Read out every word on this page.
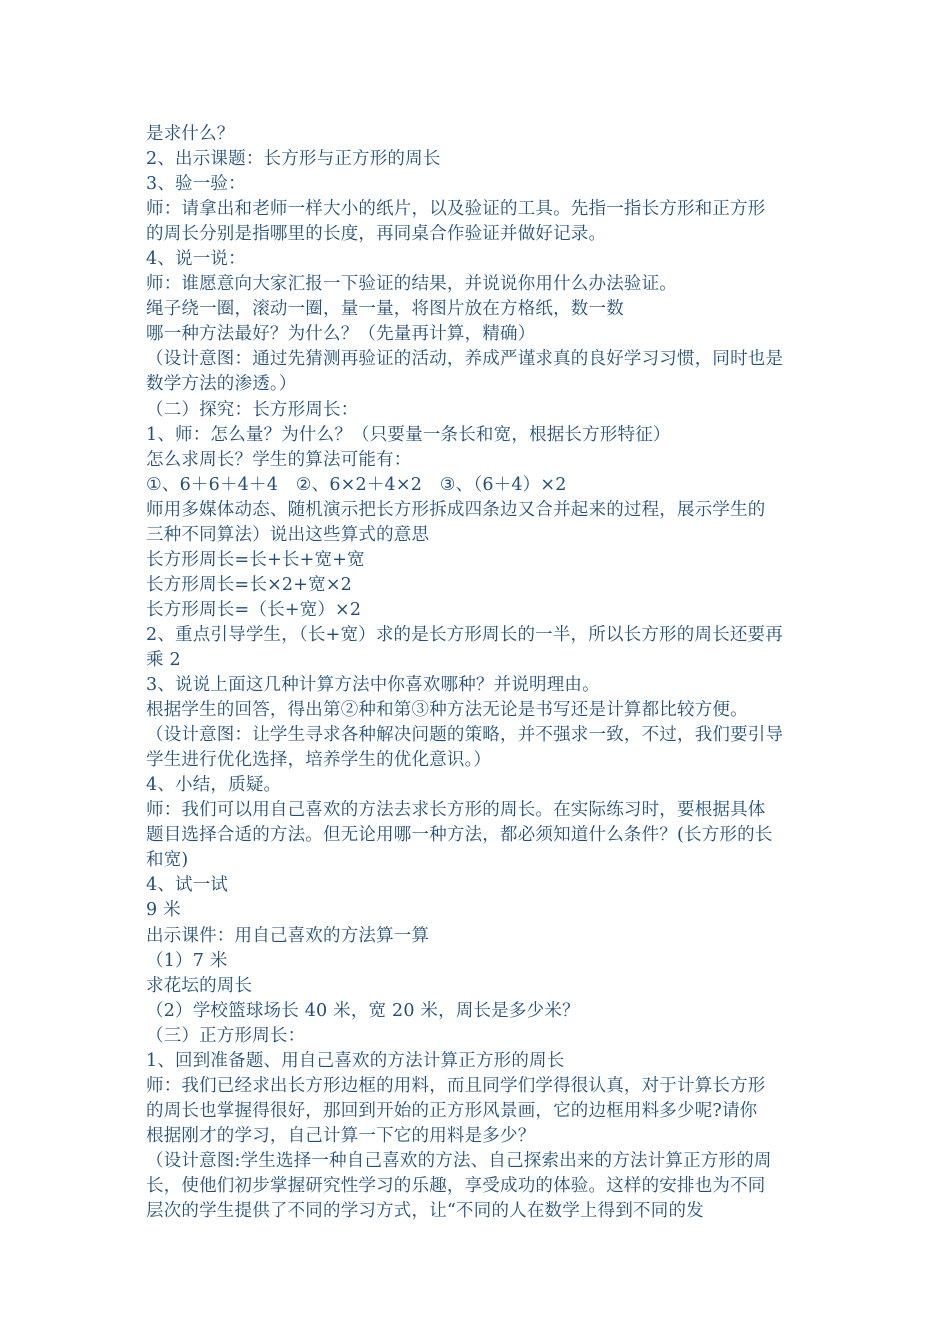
是求什么？
2、出示课题：长方形与正方形的周长
3、验一验：
师：请拿出和老师一样大小的纸片，以及验证的工具。先指一指长方形和正方形
的周长分别是指哪里的长度，再同桌合作验证并做好记录。
4、说一说：
师：谁愿意向大家汇报一下验证的结果，并说说你用什么办法验证。
绳子绕一圈，滚动一圈，量一量，将图片放在方格纸，数一数
哪一种方法最好？为什么？（先量再计算，精确）
（设计意图：通过先猜测再验证的活动，养成严谨求真的良好学习习惯，同时也是
数学方法的渗透。）
（二）探究：长方形周长：
1、师：怎么量？为什么？（只要量一条长和宽，根据长方形特征）
怎么求周长？学生的算法可能有：
①、6＋6＋4＋4　②、6×2＋4×2　③、（6＋4）×2
师用多媒体动态、随机演示把长方形拆成四条边又合并起来的过程，展示学生的
三种不同算法）说出这些算式的意思
长方形周长=长+长+宽+宽
长方形周长=长×2+宽×2
长方形周长=（长+宽）×2
2、重点引导学生，（长+宽）求的是长方形周长的一半，所以长方形的周长还要再
乘 2
3、说说上面这几种计算方法中你喜欢哪种？并说明理由。
根据学生的回答，得出第②种和第③种方法无论是书写还是计算都比较方便。
（设计意图：让学生寻求各种解决问题的策略，并不强求一致，不过，我们要引导
学生进行优化选择，培养学生的优化意识。）
4、小结，质疑。
师：我们可以用自己喜欢的方法去求长方形的周长。在实际练习时，要根据具体
题目选择合适的方法。但无论用哪一种方法，都必须知道什么条件？(长方形的长
和宽)
4、试一试
9 米
出示课件：用自己喜欢的方法算一算
（1）7 米
求花坛的周长
（2）学校篮球场长 40 米，宽 20 米，周长是多少米？
（三）正方形周长：
1、回到准备题、用自己喜欢的方法计算正方形的周长
师：我们已经求出长方形边框的用料，而且同学们学得很认真，对于计算长方形
的周长也掌握得很好，那回到开始的正方形风景画，它的边框用料多少呢?请你
根据刚才的学习，自己计算一下它的用料是多少？
（设计意图:学生选择一种自己喜欢的方法、自己探索出来的方法计算正方形的周
长，使他们初步掌握研究性学习的乐趣，享受成功的体验。这样的安排也为不同
层次的学生提供了不同的学习方式，让“不同的人在数学上得到不同的发
